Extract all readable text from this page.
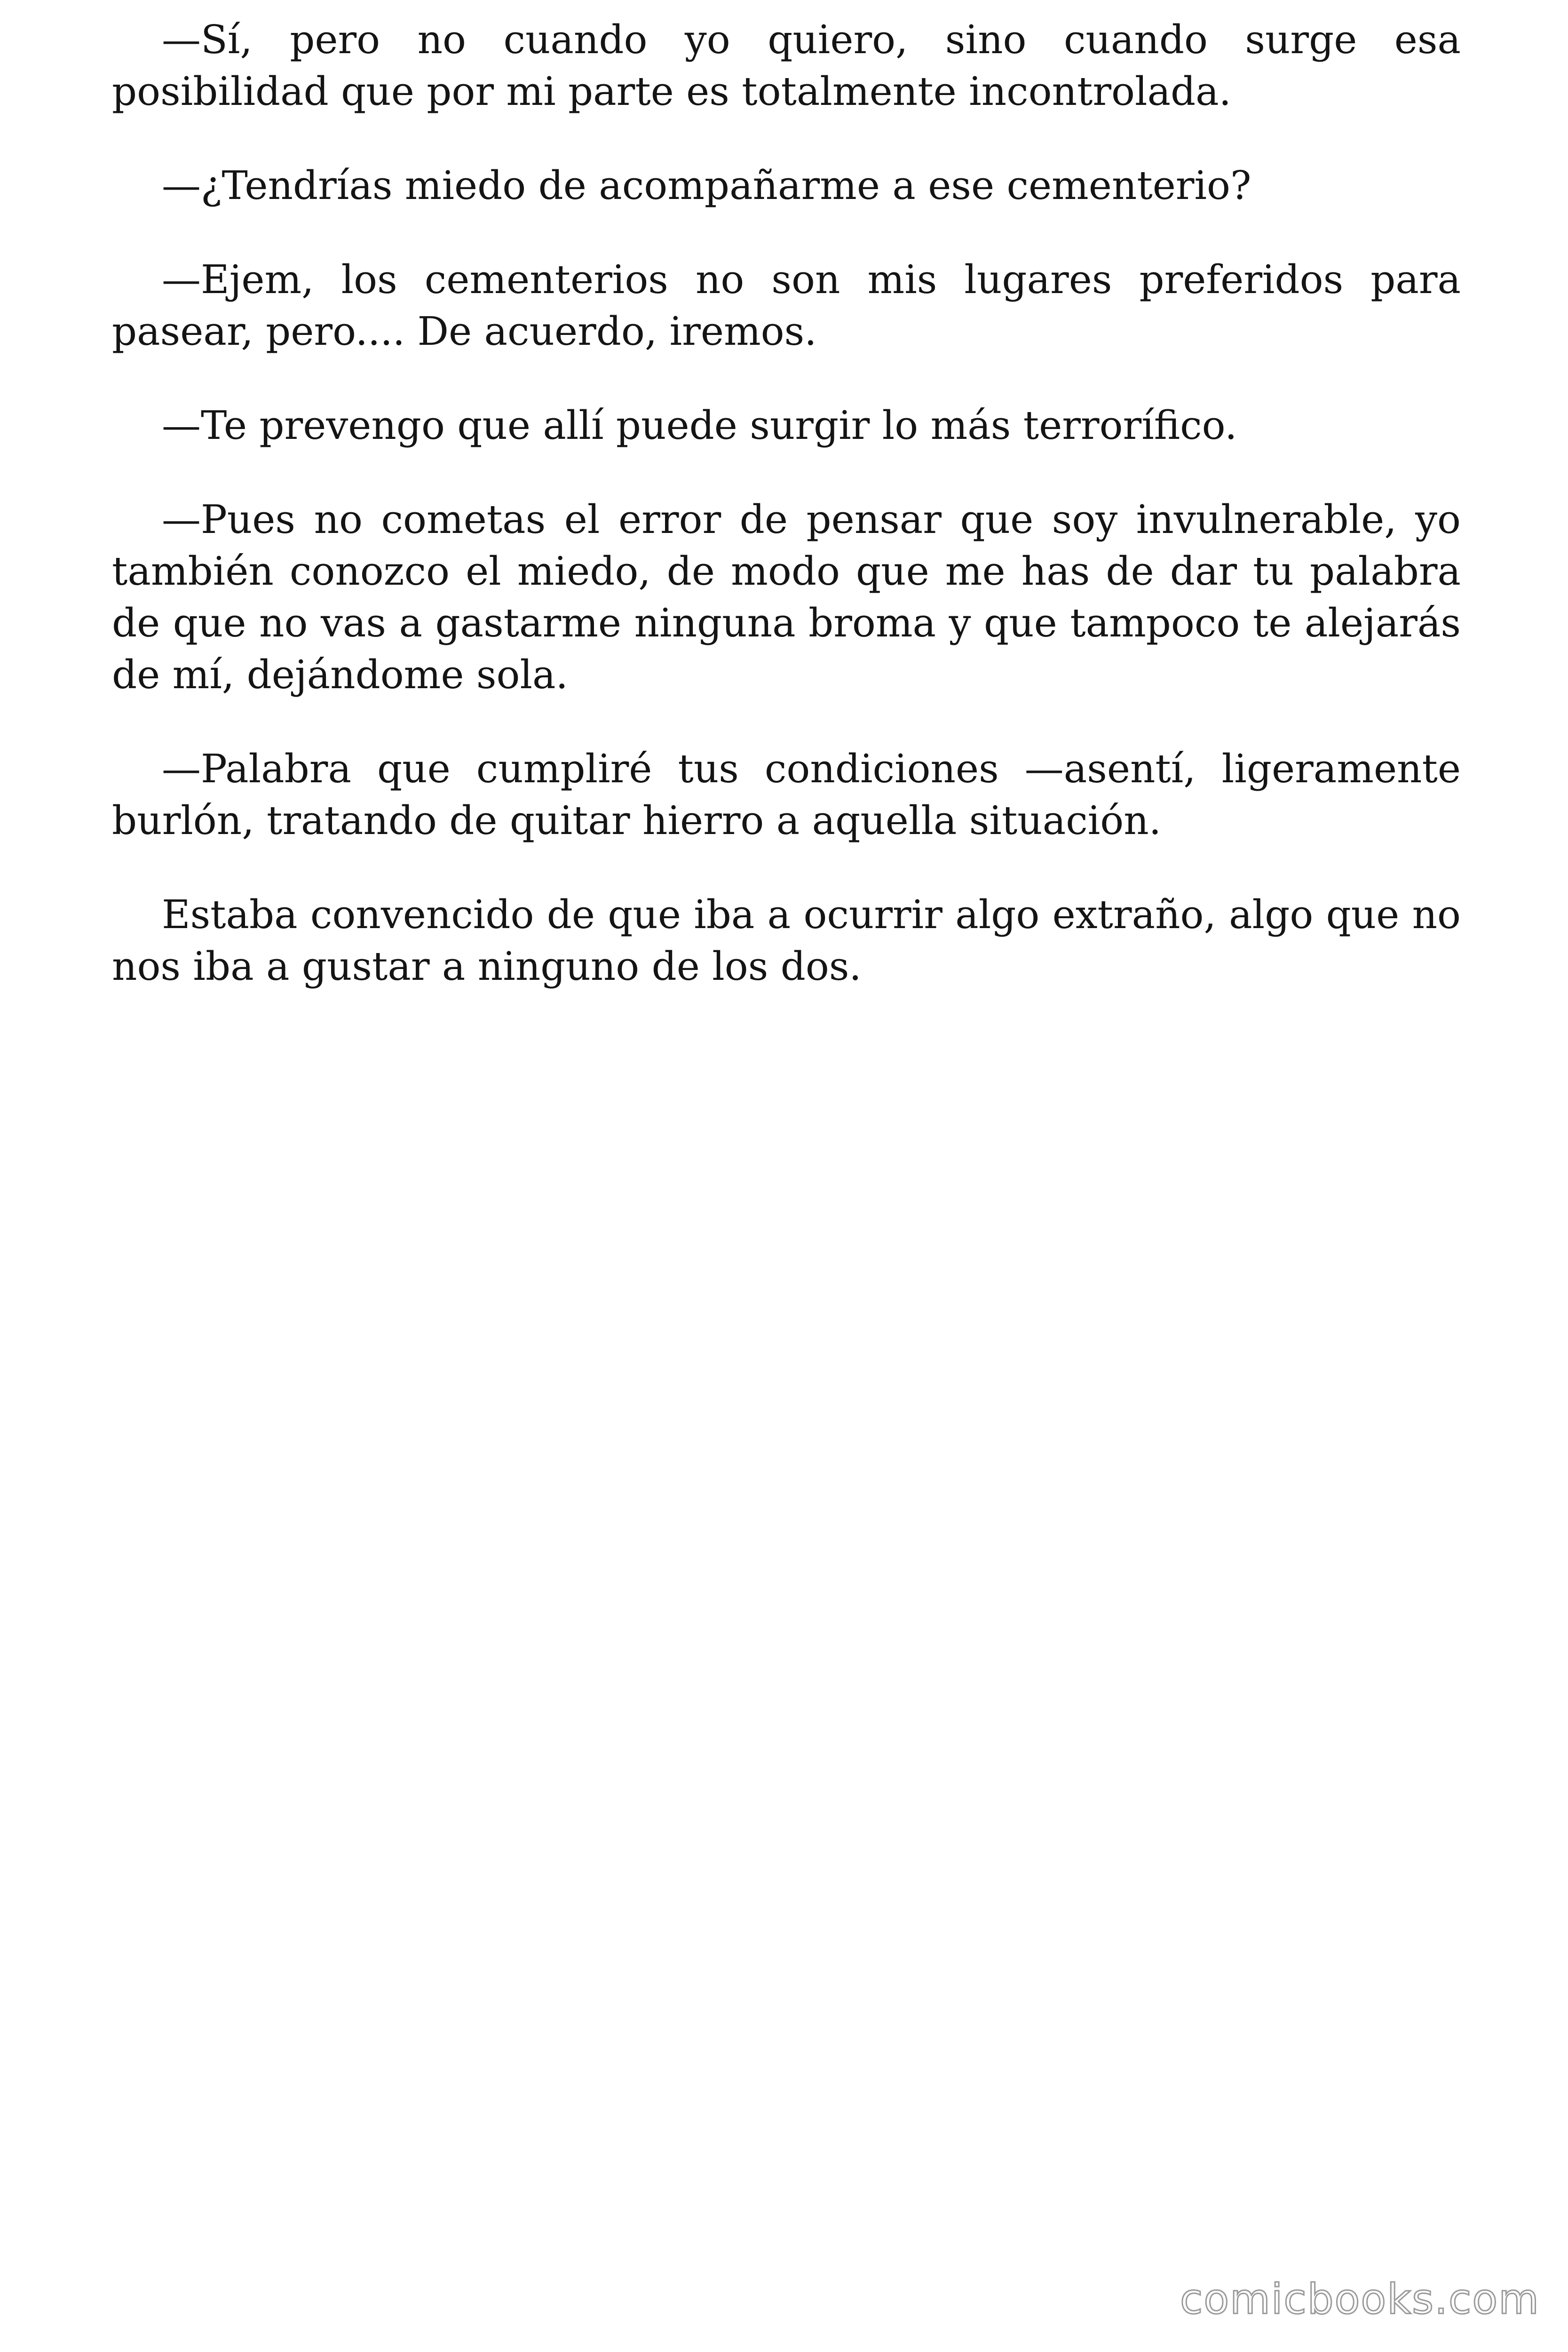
—Sí, pero no cuando yo quiero, sino cuando surge esa posibilidad que por mi parte es totalmente incontrolada.

—¿Tendrías miedo de acompañarme a ese cementerio?

—Ejem, los cementerios no son mis lugares preferidos para pasear, pero.... De acuerdo, iremos.

—Te prevengo que allí puede surgir lo más terrorífico.

—Pues no cometas el error de pensar que soy invulnerable, yo también conozco el miedo, de modo que me has de dar tu palabra de que no vas a gastarme ninguna broma y que tampoco te alejarás de mí, dejándome sola.

—Palabra que cumpliré tus condiciones —asentí, ligeramente burlón, tratando de quitar hierro a aquella situación.

Estaba convencido de que iba a ocurrir algo extraño, algo que no nos iba a gustar a ninguno de los dos.

comicbooks.com
